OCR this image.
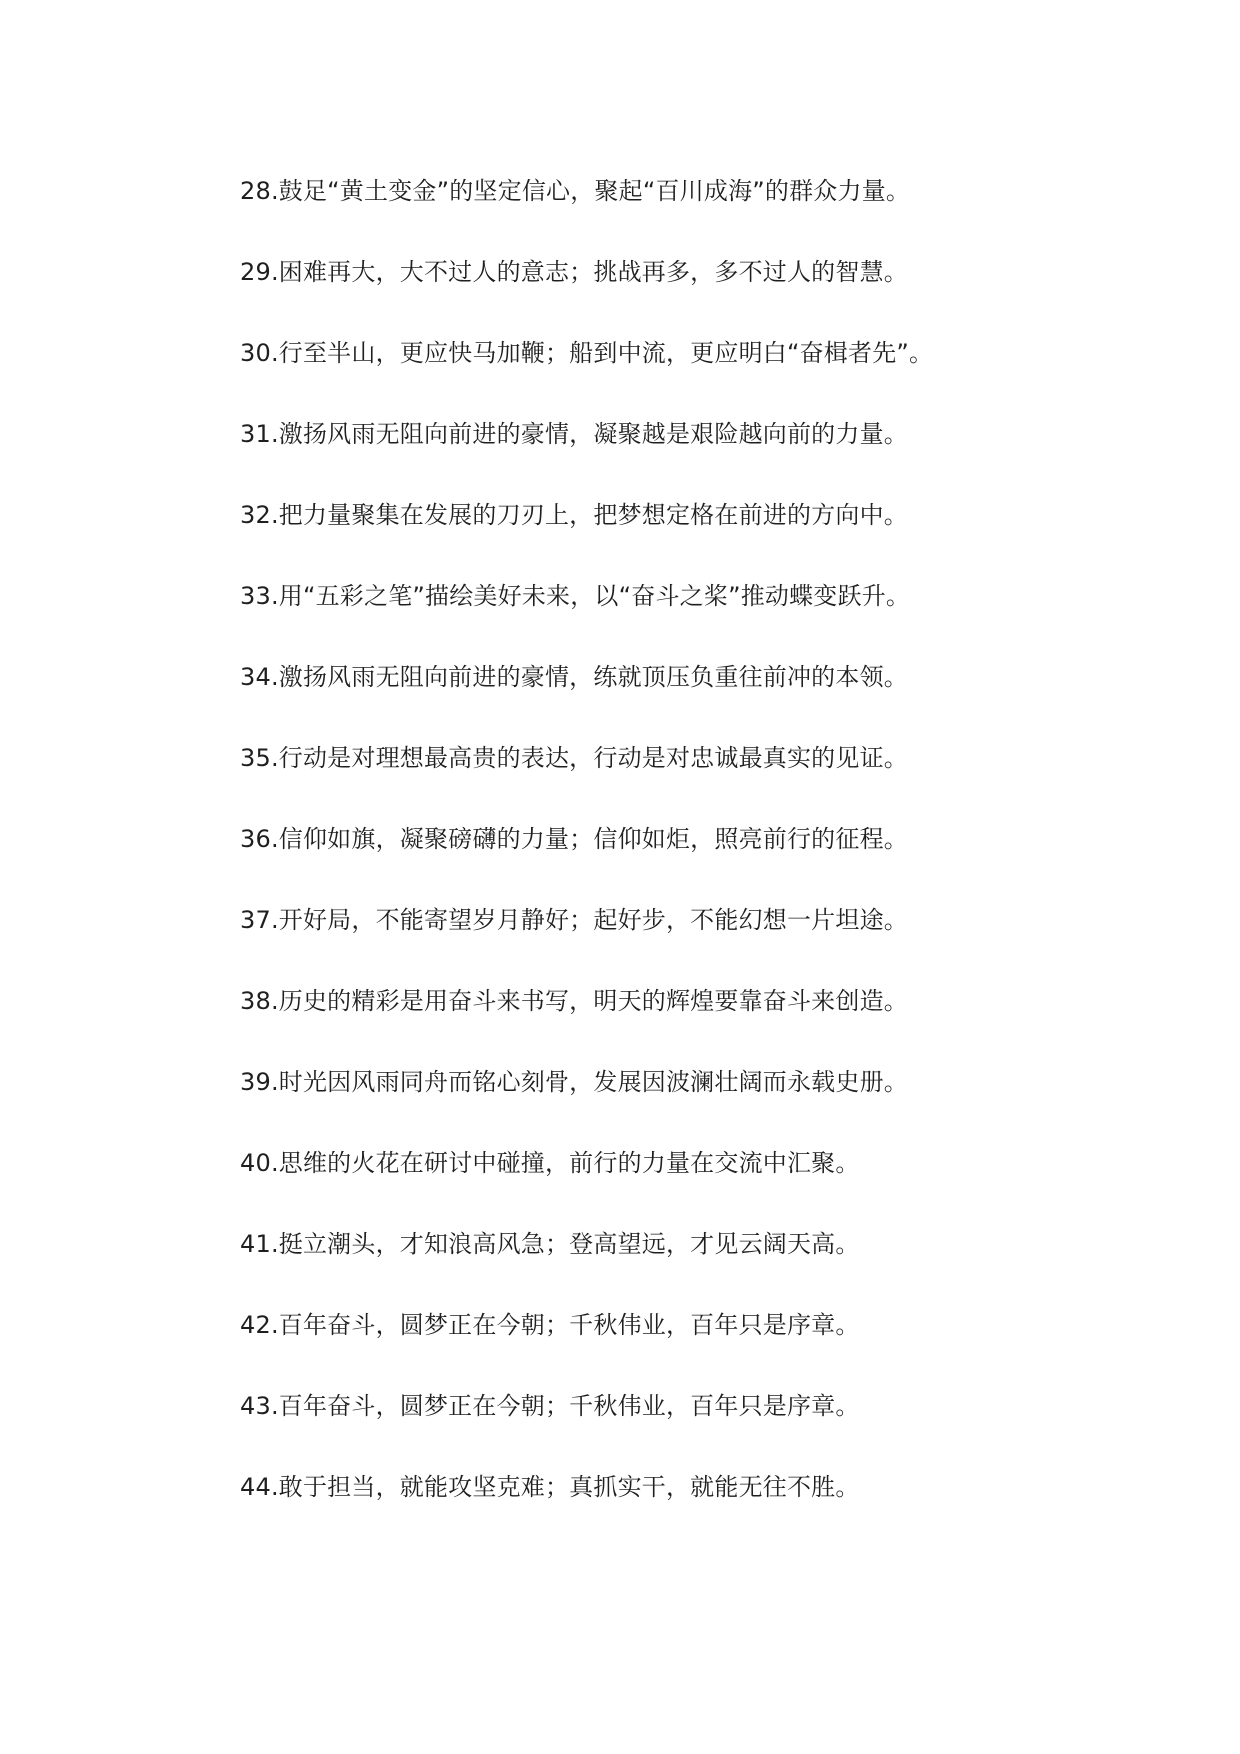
28.鼓足“黄土变金”的坚定信心，聚起“百川成海”的群众力量。
29.困难再大，大不过人的意志；挑战再多，多不过人的智慧。
30.行至半山，更应快马加鞭；船到中流，更应明白“奋楫者先”。
31.激扬风雨无阻向前进的豪情，凝聚越是艰险越向前的力量。
32.把力量聚集在发展的刀刃上，把梦想定格在前进的方向中。
33.用“五彩之笔”描绘美好未来，以“奋斗之桨”推动蝶变跃升。
34.激扬风雨无阻向前进的豪情，练就顶压负重往前冲的本领。
35.行动是对理想最高贵的表达，行动是对忠诚最真实的见证。
36.信仰如旗，凝聚磅礴的力量；信仰如炬，照亮前行的征程。
37.开好局，不能寄望岁月静好；起好步，不能幻想一片坦途。
38.历史的精彩是用奋斗来书写，明天的辉煌要靠奋斗来创造。
39.时光因风雨同舟而铭心刻骨，发展因波澜壮阔而永载史册。
40.思维的火花在研讨中碰撞，前行的力量在交流中汇聚。
41.挺立潮头，才知浪高风急；登高望远，才见云阔天高。
42.百年奋斗，圆梦正在今朝；千秋伟业，百年只是序章。
43.百年奋斗，圆梦正在今朝；千秋伟业，百年只是序章。
44.敢于担当，就能攻坚克难；真抓实干，就能无往不胜。
